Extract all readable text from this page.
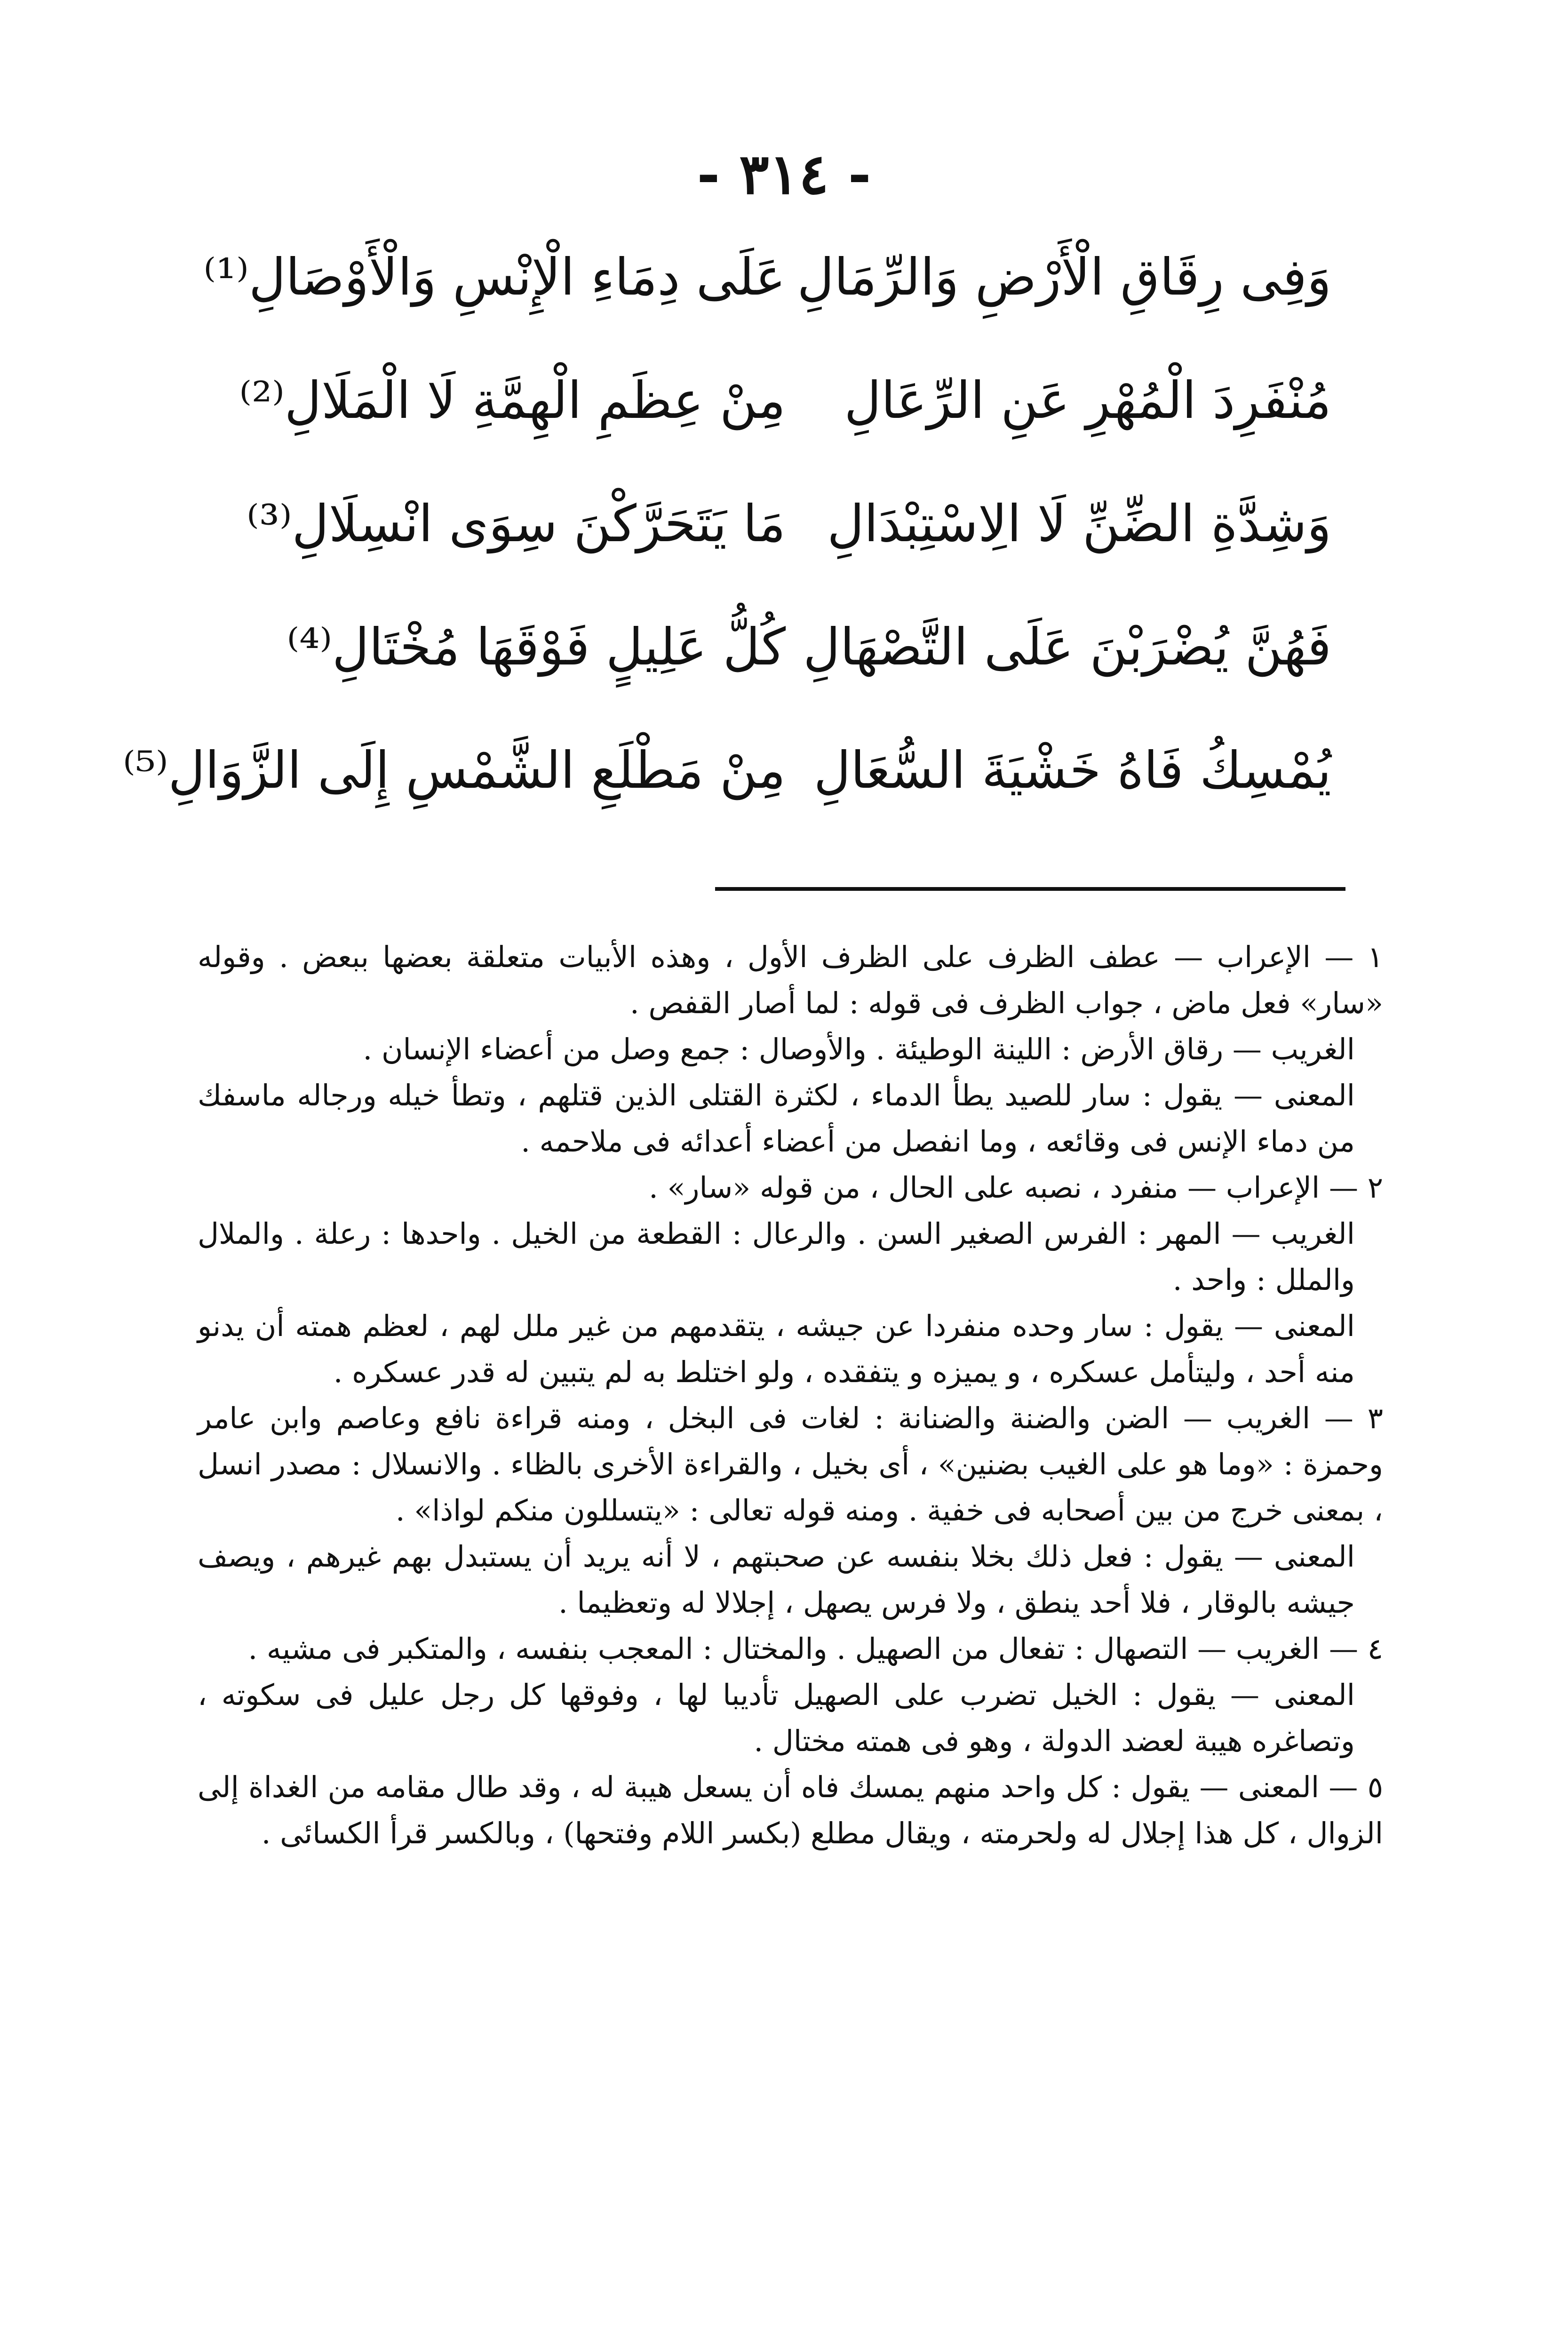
- ٣١٤ -
وَفِى رِقَاقِ الْأَرْضِ وَالرِّمَالِ
عَلَى دِمَاءِ الْإِنْسِ وَالْأَوْصَالِ⁽¹⁾
مُنْفَرِدَ الْمُهْرِ عَنِ الرِّعَالِ
مِنْ عِظَمِ الْهِمَّةِ لَا الْمَلَالِ⁽²⁾
وَشِدَّةِ الضِّنِّ لَا الِاسْتِبْدَالِ
مَا يَتَحَرَّكْنَ سِوَى انْسِلَالِ⁽³⁾
فَهُنَّ يُضْرَبْنَ عَلَى التَّصْهَالِ
كُلُّ عَلِيلٍ فَوْقَهَا مُخْتَالِ⁽⁴⁾
يُمْسِكُ فَاهُ خَشْيَةَ السُّعَالِ
مِنْ مَطْلَعِ الشَّمْسِ إِلَى الزَّوَالِ⁽⁵⁾

١ — الإعراب — عطف الظرف على الظرف الأول ، وهذه الأبيات متعلقة بعضها ببعض . وقوله «سار» فعل ماض ، جواب الظرف فى قوله : لما أصار القفص .

الغريب — رقاق الأرض : اللينة الوطيئة . والأوصال : جمع وصل من أعضاء الإنسان .

المعنى — يقول : سار للصيد يطأ الدماء ، لكثرة القتلى الذين قتلهم ، وتطأ خيله ورجاله ماسفك من دماء الإنس فى وقائعه ، وما انفصل من أعضاء أعدائه فى ملاحمه .

٢ — الإعراب — منفرد ، نصبه على الحال ، من قوله «سار» .

الغريب — المهر : الفرس الصغير السن . والرعال : القطعة من الخيل . واحدها : رعلة . والملال والملل : واحد .

المعنى — يقول : سار وحده منفردا عن جيشه ، يتقدمهم من غير ملل لهم ، لعظم همته أن يدنو منه أحد ، وليتأمل عسكره ، و يميزه و يتفقده ، ولو اختلط به لم يتبين له قدر عسكره .

٣ — الغريب — الضن والضنة والضنانة : لغات فى البخل ، ومنه قراءة نافع وعاصم وابن عامر وحمزة : «وما هو على الغيب بضنين» ، أى بخيل ، والقراءة الأخرى بالظاء . والانسلال : مصدر انسل ، بمعنى خرج من بين أصحابه فى خفية . ومنه قوله تعالى : «يتسللون منكم لواذا» .

المعنى — يقول : فعل ذلك بخلا بنفسه عن صحبتهم ، لا أنه يريد أن يستبدل بهم غيرهم ، ويصف جيشه بالوقار ، فلا أحد ينطق ، ولا فرس يصهل ، إجلالا له وتعظيما .

٤ — الغريب — التصهال : تفعال من الصهيل . والمختال : المعجب بنفسه ، والمتكبر فى مشيه .

المعنى — يقول : الخيل تضرب على الصهيل تأديبا لها ، وفوقها كل رجل عليل فى سكوته ، وتصاغره هيبة لعضد الدولة ، وهو فى همته مختال .

٥ — المعنى — يقول : كل واحد منهم يمسك فاه أن يسعل هيبة له ، وقد طال مقامه من الغداة إلى الزوال ، كل هذا إجلال له ولحرمته ، ويقال مطلع (بكسر اللام وفتحها) ، وبالكسر قرأ الكسائى .
